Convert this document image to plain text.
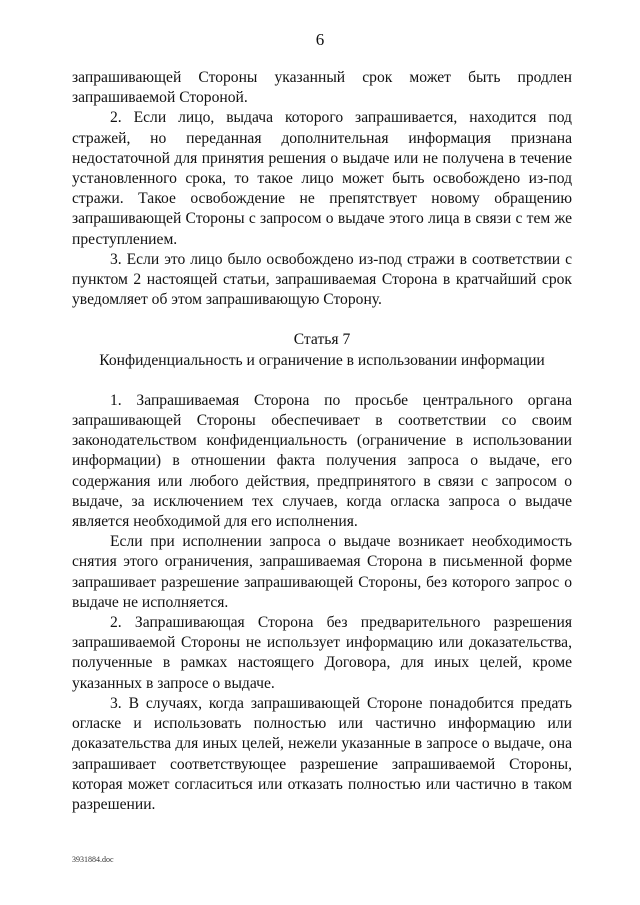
6

запрашивающей Стороны указанный срок может быть продлен запрашиваемой Стороной.

2. Если лицо, выдача которого запрашивается, находится под стражей, но переданная дополнительная информация признана недостаточной для принятия решения о выдаче или не получена в течение установленного срока, то такое лицо может быть освобождено из-под стражи. Такое освобождение не препятствует новому обращению запрашивающей Стороны с запросом о выдаче этого лица в связи с тем же преступлением.

3. Если это лицо было освобождено из-под стражи в соответствии с пунктом 2 настоящей статьи, запрашиваемая Сторона в кратчайший срок уведомляет об этом запрашивающую Сторону.

Статья 7

Конфиденциальность и ограничение в использовании информации

1. Запрашиваемая Сторона по просьбе центрального органа запрашивающей Стороны обеспечивает в соответствии со своим законодательством конфиденциальность (ограничение в использовании информации) в отношении факта получения запроса о выдаче, его содержания или любого действия, предпринятого в связи с запросом о выдаче, за исключением тех случаев, когда огласка запроса о выдаче является необходимой для его исполнения.

Если при исполнении запроса о выдаче возникает необходимость снятия этого ограничения, запрашиваемая Сторона в письменной форме запрашивает разрешение запрашивающей Стороны, без которого запрос о выдаче не исполняется.

2. Запрашивающая Сторона без предварительного разрешения запрашиваемой Стороны не использует информацию или доказательства, полученные в рамках настоящего Договора, для иных целей, кроме указанных в запросе о выдаче.

3. В случаях, когда запрашивающей Стороне понадобится предать огласке и использовать полностью или частично информацию или доказательства для иных целей, нежели указанные в запросе о выдаче, она запрашивает соответствующее разрешение запрашиваемой Стороны, которая может согласиться или отказать полностью или частично в таком разрешении.

3931884.doc
